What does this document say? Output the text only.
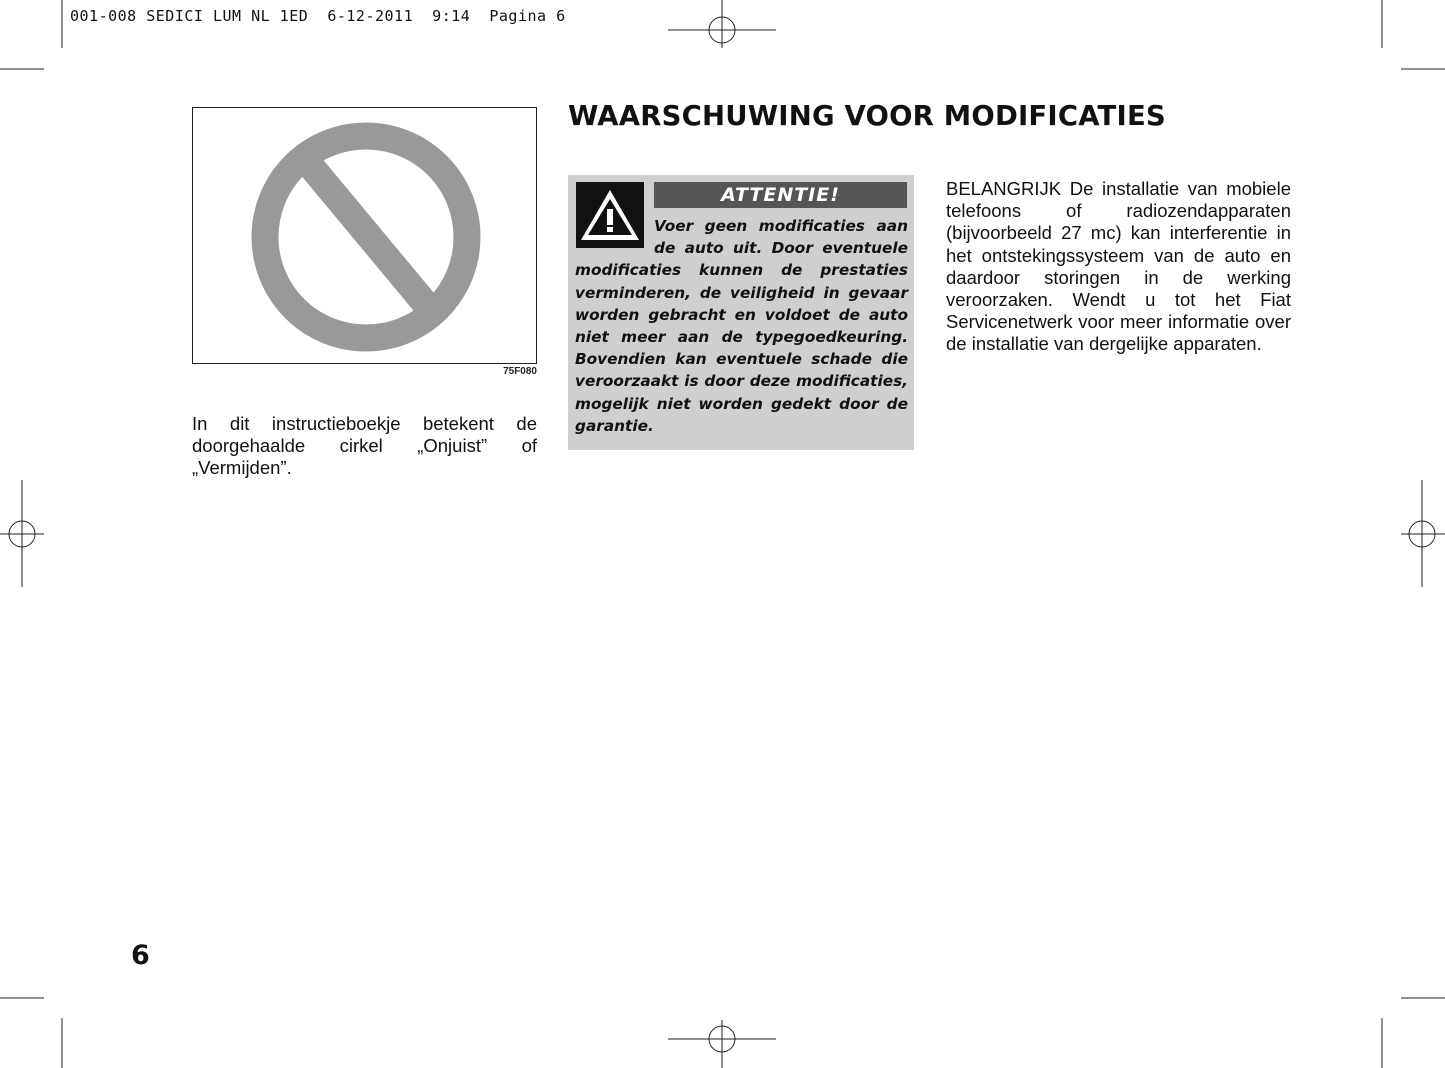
001-008 SEDICI LUM NL 1ED  6-12-2011  9:14  Pagina 6
75F080
In dit instructieboekje betekent de doorgehaalde cirkel „Onjuist” of „Vermijden”.
WAARSCHUWING VOOR MODIFICATIES
ATTENTIE!
Voer geen modificaties aan de auto uit. Door eventuele modificaties kunnen de prestaties verminderen, de veiligheid in gevaar worden gebracht en voldoet de auto niet meer aan de typegoedkeuring. Bovendien kan eventuele schade die veroorzaakt is door deze modificaties, mogelijk niet worden gedekt door de garantie.
BELANGRIJK De installatie van mobiele telefoons of radiozendapparaten (bijvoorbeeld 27 mc) kan interferentie in het ontstekingssysteem van de auto en daardoor storingen in de werking veroorzaken. Wendt u tot het Fiat Servicenetwerk voor meer informatie over de installatie van dergelijke apparaten.
6
